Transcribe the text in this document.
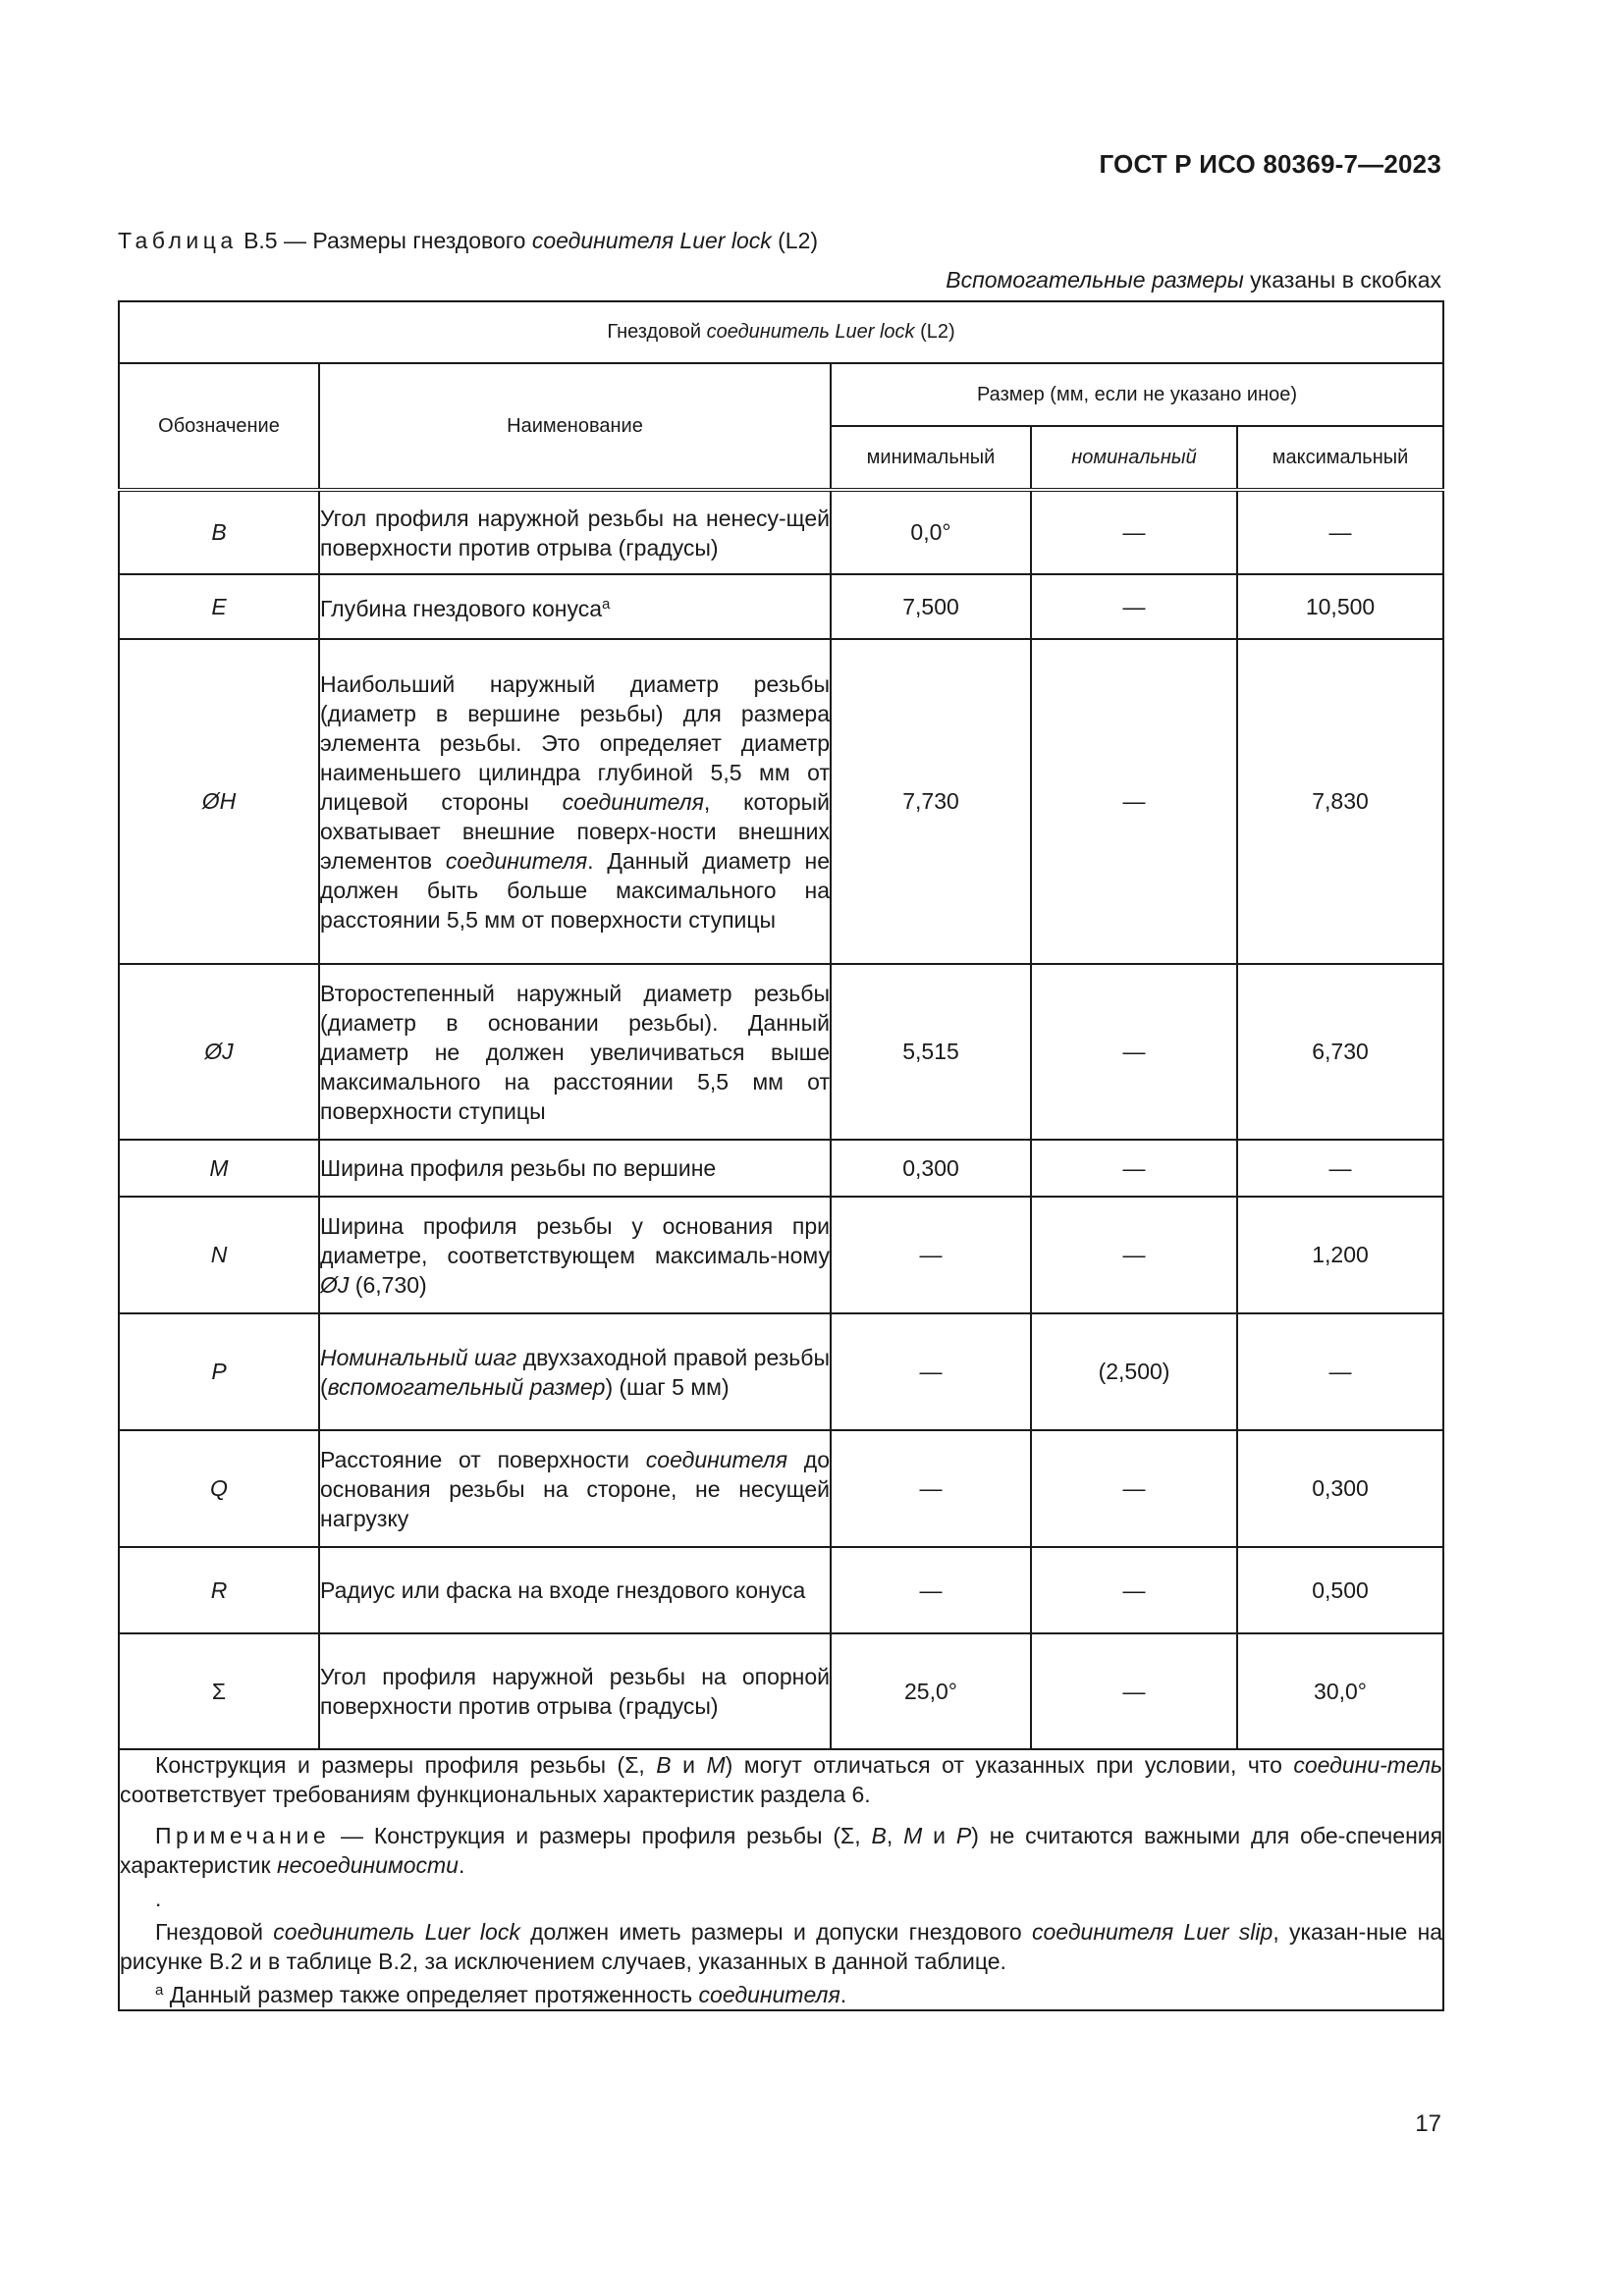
ГОСТ Р ИСО 80369-7—2023
Таблица В.5 — Размеры гнездового соединителя Luer lock (L2)
Вспомогательные размеры указаны в скобках
Гнездовой соединитель Luer lock (L2)				
Обозначение	Наименование	Размер (мм, если не указано иное)		
		минимальный	номинальный	максимальный
B	Угол профиля наружной резьбы на ненесу-щей поверхности против отрыва (градусы)	0,0°	—	—
E	Глубина гнездового конуса$^a$	7,500	—	10,500
ØH	Наибольший наружный диаметр резьбы (диаметр в вершине резьбы) для размера элемента резьбы. Это определяет диаметр наименьшего цилиндра глубиной 5,5 мм от лицевой стороны соединителя, который охватывает внешние поверх-ности внешних элементов соединителя. Данный диаметр не должен быть больше максимального на расстоянии 5,5 мм от поверхности ступицы	7,730	—	7,830
ØJ	Второстепенный наружный диаметр резьбы (диаметр в основании резьбы). Данный диаметр не должен увеличиваться выше максимального на расстоянии 5,5 мм от поверхности ступицы	5,515	—	6,730
M	Ширина профиля резьбы по вершине	0,300	—	—
N	Ширина профиля резьбы у основания при диаметре, соответствующем максималь-ному ØJ (6,730)	—	—	1,200
P	Номинальный шаг двухзаходной правой резьбы (вспомогательный размер) (шаг 5 мм)	—	(2,500)	—
Q	Расстояние от поверхности соединителя до основания резьбы на стороне, не несущей нагрузку	—	—	0,300
R	Радиус или фаска на входе гнездового конуса	—	—	0,500
Σ	Угол профиля наружной резьбы на опорной поверхности против отрыва (градусы)	25,0°	—	30,0°

Конструкция и размеры профиля резьбы (Σ, B и M) могут отличаться от указанных при условии, что соедини-тель соответствует требованиям функциональных характеристик раздела 6.

Примечание — Конструкция и размеры профиля резьбы (Σ, B, M и P) не считаются важными для обе-спечения характеристик несоединимости.

.

Гнездовой соединитель Luer lock должен иметь размеры и допуски гнездового соединителя Luer slip, указан-ные на рисунке В.2 и в таблице В.2, за исключением случаев, указанных в данной таблице.

$^a$ Данный размер также определяет протяженность соединителя.				

17
